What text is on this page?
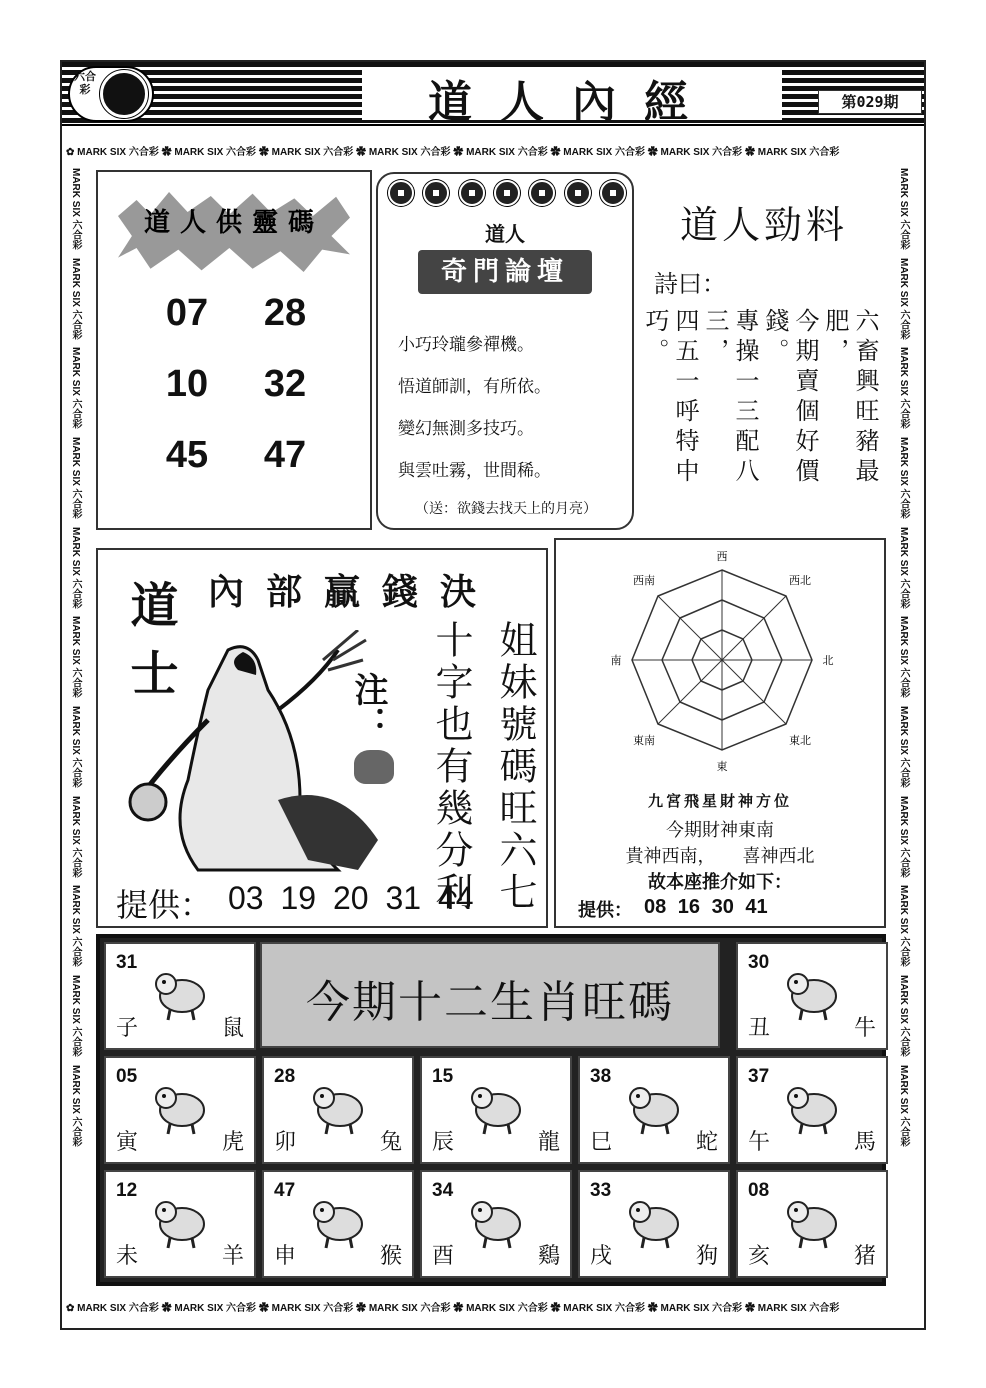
道人內經
六合彩
第029期
✿ MARK SIX 六合彩 ✿ MARK SIX 六合彩 ✿ MARK SIX 六合彩 ✿ MARK SIX 六合彩 ✿ MARK SIX 六合彩 ✿ MARK SIX 六合彩 ✿ MARK SIX 六合彩 ✿ MARK SIX 六合彩
✿ MARK SIX 六合彩 ✿ MARK SIX 六合彩 ✿ MARK SIX 六合彩 ✿ MARK SIX 六合彩 ✿ MARK SIX 六合彩 ✿ MARK SIX 六合彩 ✿ MARK SIX 六合彩 ✿ MARK SIX 六合彩
MARK SIX 六合彩
MARK SIX 六合彩
MARK SIX 六合彩
MARK SIX 六合彩
MARK SIX 六合彩
MARK SIX 六合彩
MARK SIX 六合彩
MARK SIX 六合彩
MARK SIX 六合彩
MARK SIX 六合彩
MARK SIX 六合彩
MARK SIX 六合彩
MARK SIX 六合彩
MARK SIX 六合彩
MARK SIX 六合彩
MARK SIX 六合彩
MARK SIX 六合彩
MARK SIX 六合彩
MARK SIX 六合彩
MARK SIX 六合彩
MARK SIX 六合彩
MARK SIX 六合彩
道人供靈碼
07	28
10	32
45	47
道人
奇門論壇
小巧玲瓏參禪機。
悟道師訓，有所依。
變幻無測多技巧。
與雲吐霧，世間稀。
（送：欲錢去找天上的月亮）
道人勁料
詩曰：
六畜興旺豬最肥，
今期賣個好價錢。
專操一三配八三，
四五一呼特中巧。
道士 內部贏錢決
注：	姐妹號碼旺六七
十字也有幾分利
提供： 03 19 20 31 44
西
東
南	北
西南	西北
東南	東北
九宮飛星財神方位
今期財神東南
貴神西南，　　喜神西北
故本座推介如下：
提供： 08 16 30 41
今期十二生肖旺碼
31
子	鼠
30
丑	牛
05
寅	虎
28
卯	兔
15
辰	龍
38
巳	蛇
37
午	馬
12
未	羊
47
申	猴
34
酉	鷄
33
戌	狗
08
亥	猪
